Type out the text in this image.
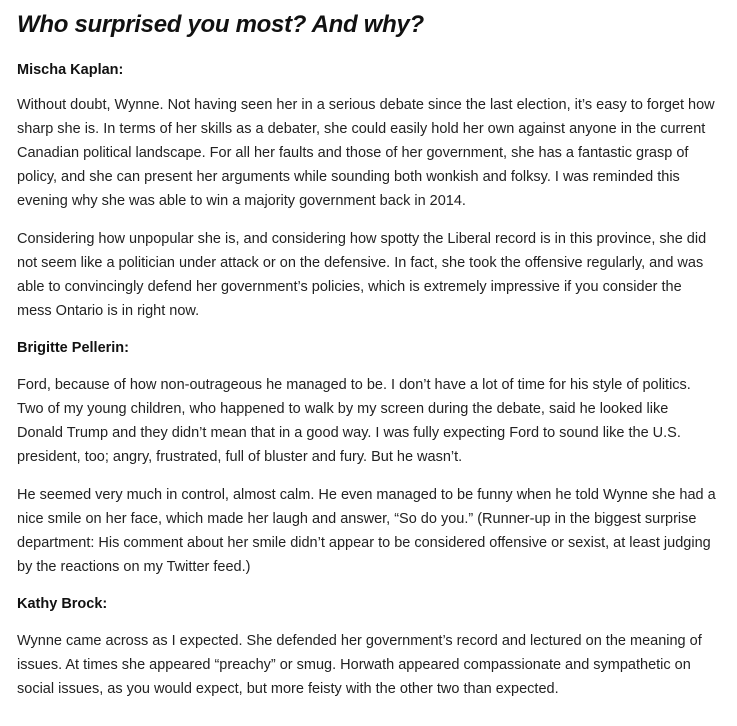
Who surprised you most? And why?

Mischa Kaplan:

Without doubt, Wynne. Not having seen her in a serious debate since the last election, it’s easy to forget how sharp she is. In terms of her skills as a debater, she could easily hold her own against anyone in the current Canadian political landscape. For all her faults and those of her government, she has a fantastic grasp of policy, and she can present her arguments while sounding both wonkish and folksy. I was reminded this evening why she was able to win a majority government back in 2014.

Considering how unpopular she is, and considering how spotty the Liberal record is in this province, she did not seem like a politician under attack or on the defensive. In fact, she took the offensive regularly, and was able to convincingly defend her government’s policies, which is extremely impressive if you consider the mess Ontario is in right now.

Brigitte Pellerin:

Ford, because of how non-outrageous he managed to be. I don’t have a lot of time for his style of politics. Two of my young children, who happened to walk by my screen during the debate, said he looked like Donald Trump and they didn’t mean that in a good way. I was fully expecting Ford to sound like the U.S. president, too; angry, frustrated, full of bluster and fury. But he wasn’t.

He seemed very much in control, almost calm. He even managed to be funny when he told Wynne she had a nice smile on her face, which made her laugh and answer, “So do you.” (Runner-up in the biggest surprise department: His comment about her smile didn’t appear to be considered offensive or sexist, at least judging by the reactions on my Twitter feed.)

Kathy Brock:

Wynne came across as I expected. She defended her government’s record and lectured on the meaning of issues. At times she appeared “preachy” or smug. Horwath appeared compassionate and sympathetic on social issues, as you would expect, but more feisty with the other two than expected.
